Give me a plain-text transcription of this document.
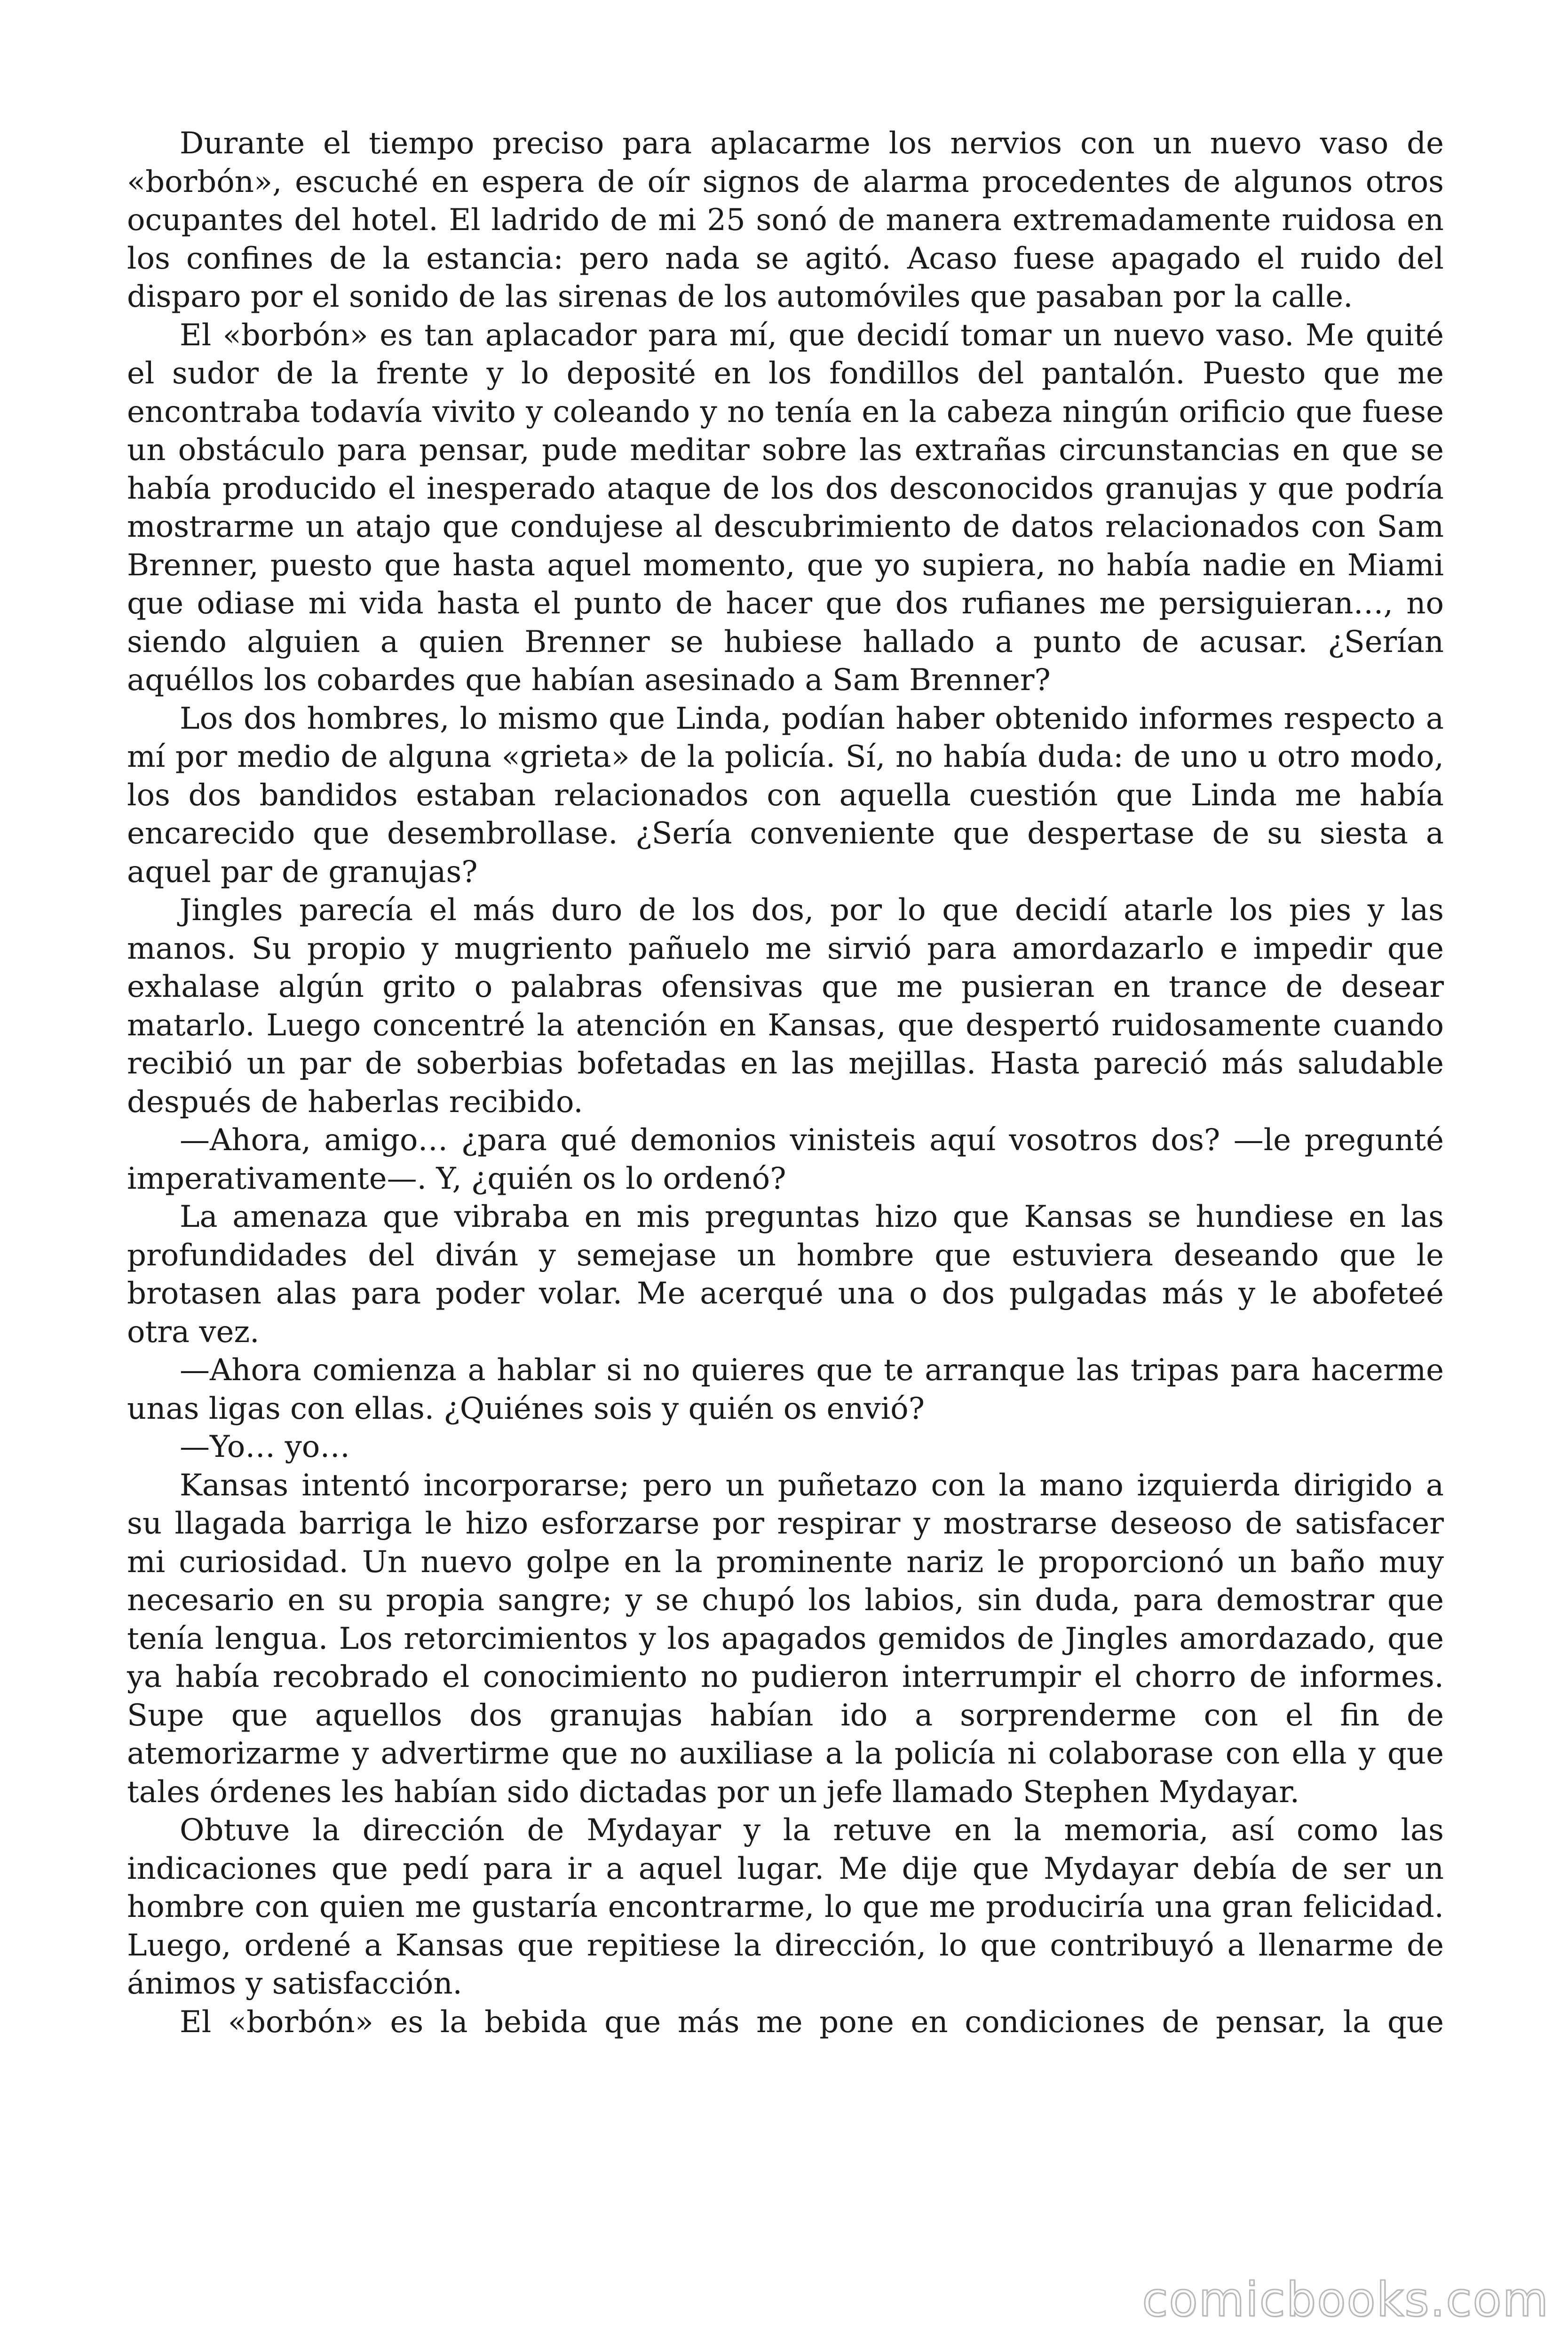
Durante el tiempo preciso para aplacarme los nervios con un nuevo vaso de «borbón», escuché en espera de oír signos de alarma procedentes de algunos otros ocupantes del hotel. El ladrido de mi 25 sonó de manera extremadamente ruidosa en los confines de la estancia: pero nada se agitó. Acaso fuese apagado el ruido del disparo por el sonido de las sirenas de los automóviles que pasaban por la calle.

El «borbón» es tan aplacador para mí, que decidí tomar un nuevo vaso. Me quité el sudor de la frente y lo deposité en los fondillos del pantalón. Puesto que me encontraba todavía vivito y coleando y no tenía en la cabeza ningún orificio que fuese un obstáculo para pensar, pude meditar sobre las extrañas circunstancias en que se había producido el inesperado ataque de los dos desconocidos granujas y que podría mostrarme un atajo que condujese al descubrimiento de datos relacionados con Sam Brenner, puesto que hasta aquel momento, que yo supiera, no había nadie en Miami que odiase mi vida hasta el punto de hacer que dos rufianes me persiguieran…, no siendo alguien a quien Brenner se hubiese hallado a punto de acusar. ¿Serían aquéllos los cobardes que habían asesinado a Sam Brenner?

Los dos hombres, lo mismo que Linda, podían haber obtenido informes respecto a mí por medio de alguna «grieta» de la policía. Sí, no había duda: de uno u otro modo, los dos bandidos estaban relacionados con aquella cuestión que Linda me había encarecido que desembrollase. ¿Sería conveniente que despertase de su siesta a aquel par de granujas?

Jingles parecía el más duro de los dos, por lo que decidí atarle los pies y las manos. Su propio y mugriento pañuelo me sirvió para amordazarlo e impedir que exhalase algún grito o palabras ofensivas que me pusieran en trance de desear matarlo. Luego concentré la atención en Kansas, que despertó ruidosamente cuando recibió un par de soberbias bofetadas en las mejillas. Hasta pareció más saludable después de haberlas recibido.

—Ahora, amigo… ¿para qué demonios vinisteis aquí vosotros dos? —le pregunté imperativamente—. Y, ¿quién os lo ordenó?

La amenaza que vibraba en mis preguntas hizo que Kansas se hundiese en las profundidades del diván y semejase un hombre que estuviera deseando que le brotasen alas para poder volar. Me acerqué una o dos pulgadas más y le abofeteé otra vez.

—Ahora comienza a hablar si no quieres que te arranque las tripas para hacerme unas ligas con ellas. ¿Quiénes sois y quién os envió?

—Yo… yo…

Kansas intentó incorporarse; pero un puñetazo con la mano izquierda dirigido a su llagada barriga le hizo esforzarse por respirar y mostrarse deseoso de satisfacer mi curiosidad. Un nuevo golpe en la prominente nariz le proporcionó un baño muy necesario en su propia sangre; y se chupó los labios, sin duda, para demostrar que tenía lengua. Los retorcimientos y los apagados gemidos de Jingles amordazado, que ya había recobrado el conocimiento no pudieron interrumpir el chorro de informes. Supe que aquellos dos granujas habían ido a sorprenderme con el fin de atemorizarme y advertirme que no auxiliase a la policía ni colaborase con ella y que tales órdenes les habían sido dictadas por un jefe llamado Stephen Mydayar.

Obtuve la dirección de Mydayar y la retuve en la memoria, así como las indicaciones que pedí para ir a aquel lugar. Me dije que Mydayar debía de ser un hombre con quien me gustaría encontrarme, lo que me produciría una gran felicidad. Luego, ordené a Kansas que repitiese la dirección, lo que contribuyó a llenarme de ánimos y satisfacción.

El «borbón» es la bebida que más me pone en condiciones de pensar, la que

comicbooks.com
